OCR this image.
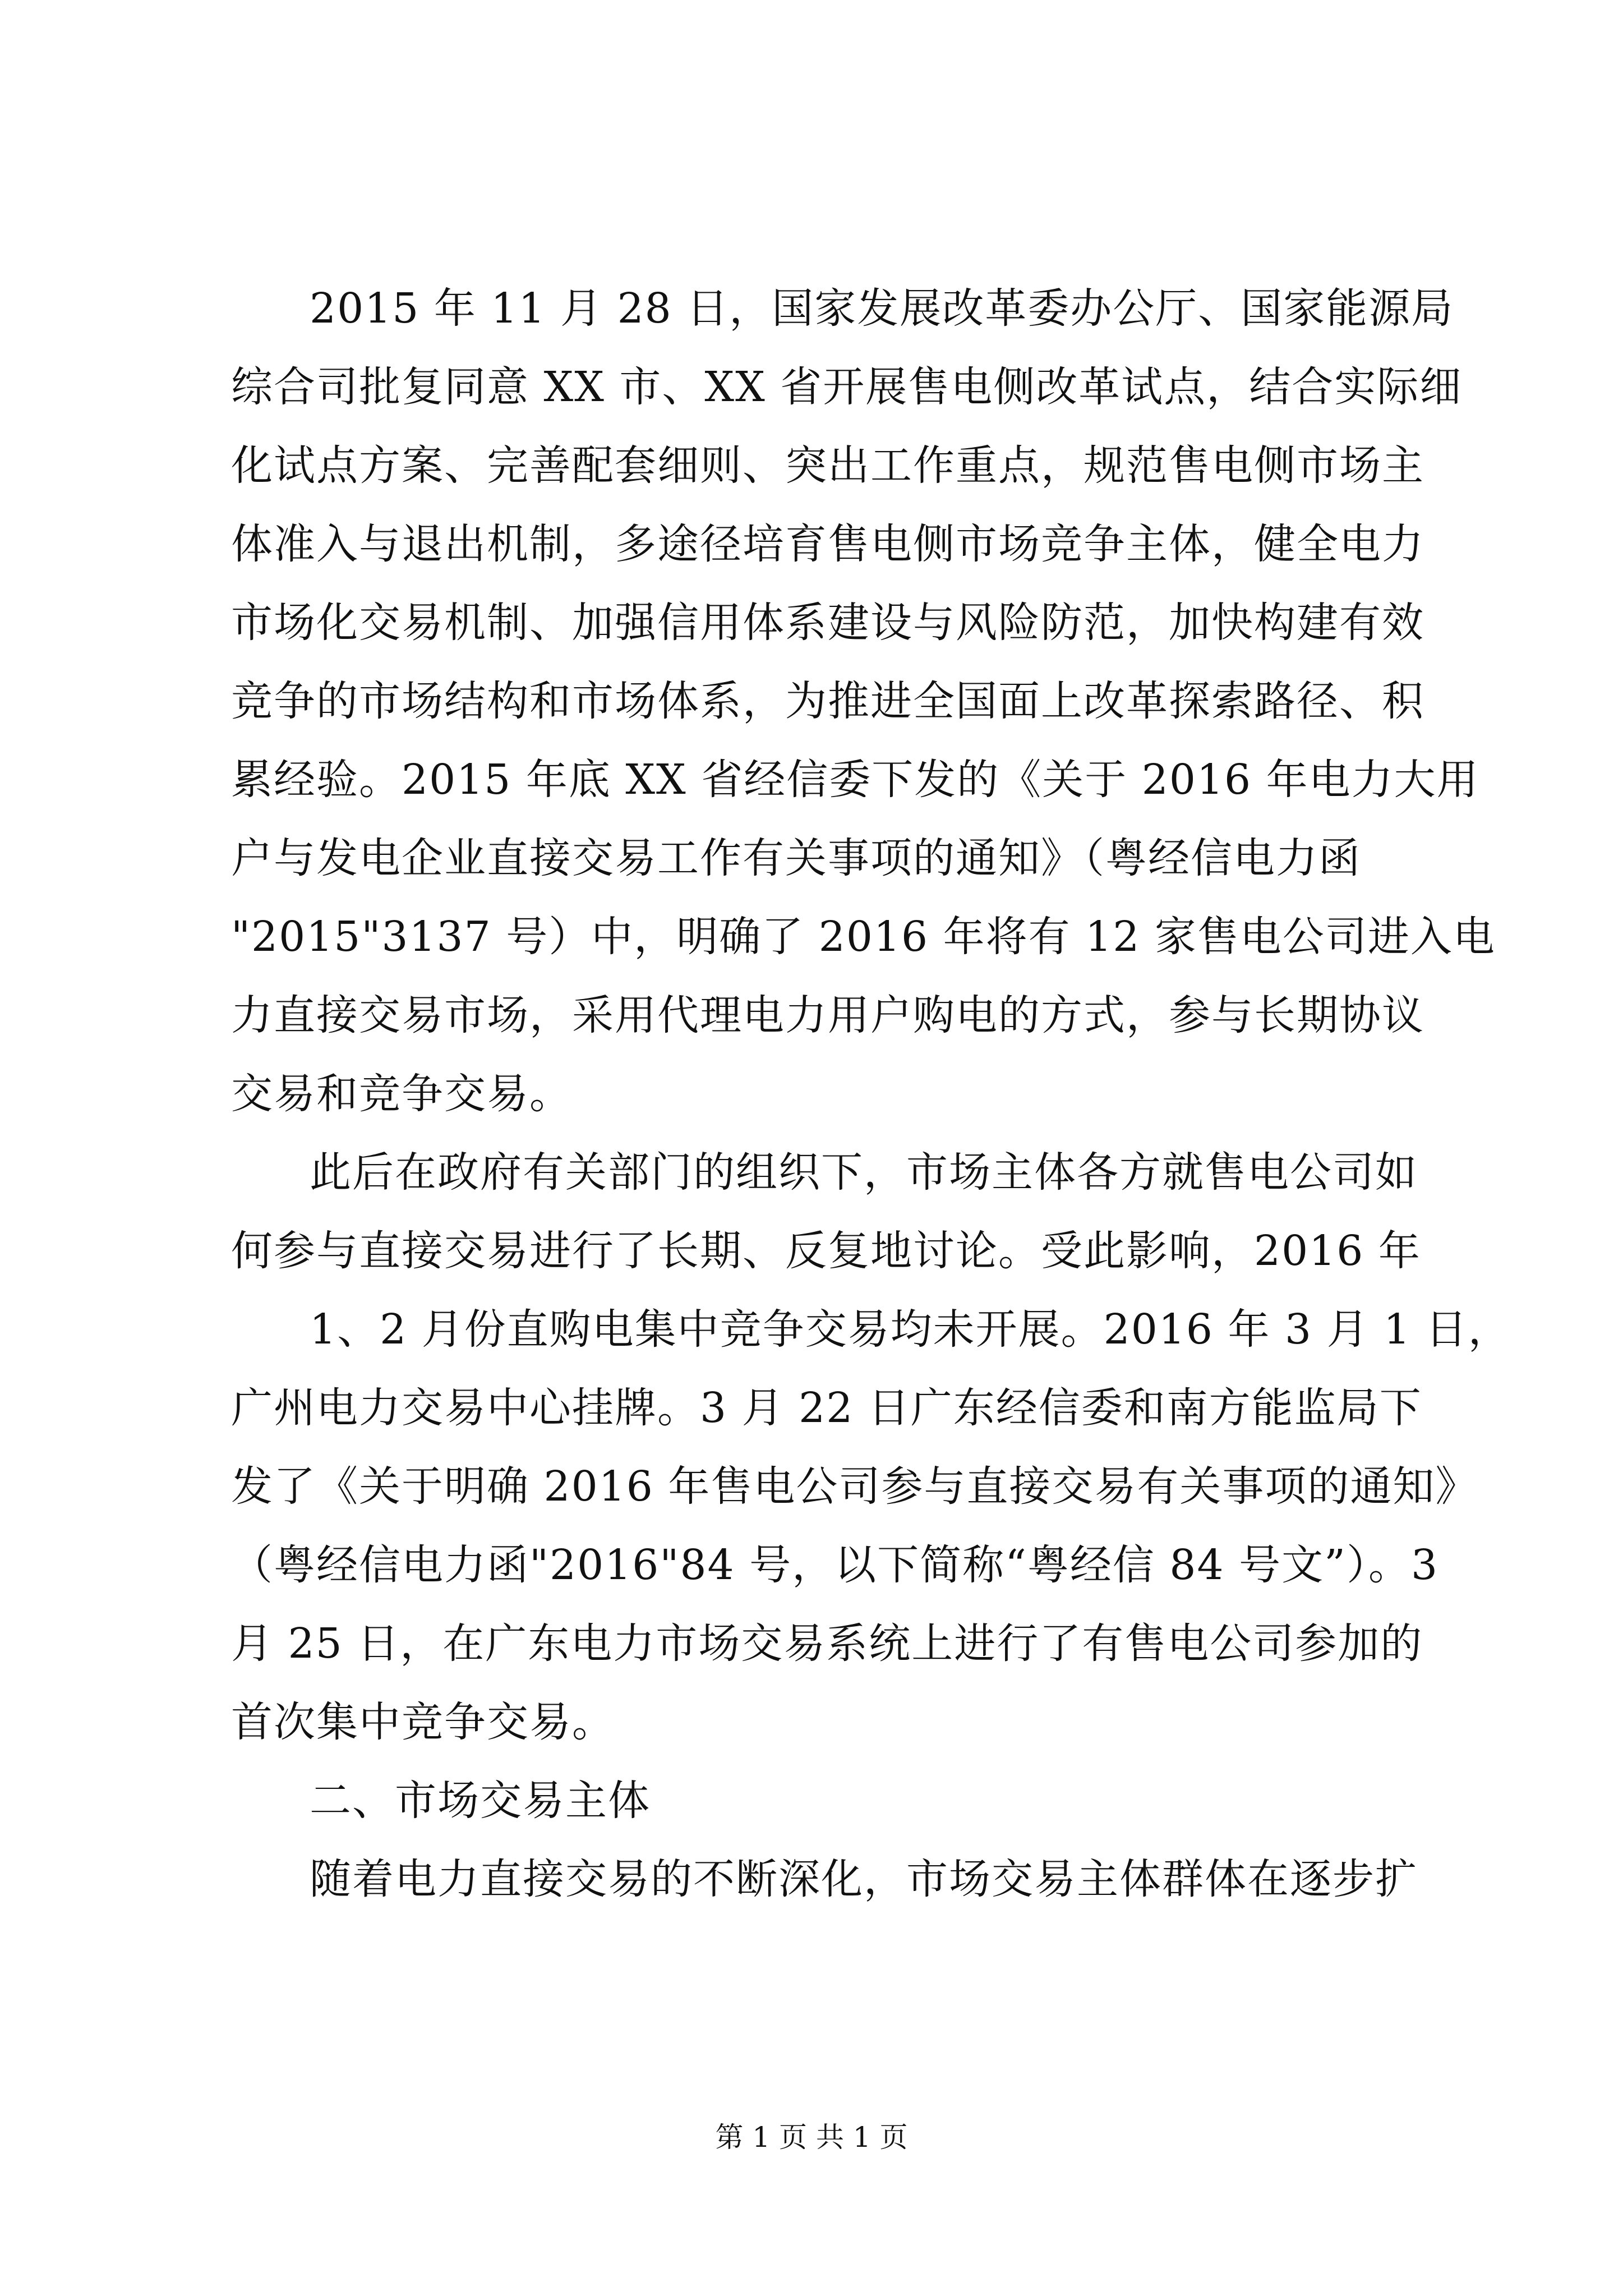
2015 年 11 月 28 日，国家发展改革委办公厅、国家能源局
综合司批复同意 XX 市、XX 省开展售电侧改革试点，结合实际细
化试点方案、完善配套细则、突出工作重点，规范售电侧市场主
体准入与退出机制，多途径培育售电侧市场竞争主体，健全电力
市场化交易机制、加强信用体系建设与风险防范，加快构建有效
竞争的市场结构和市场体系，为推进全国面上改革探索路径、积
累经验。2015 年底 XX 省经信委下发的《关于 2016 年电力大用
户与发电企业直接交易工作有关事项的通知》（粤经信电力函
"2015"3137 号）中，明确了 2016 年将有 12 家售电公司进入电
力直接交易市场，采用代理电力用户购电的方式，参与长期协议
交易和竞争交易。
此后在政府有关部门的组织下，市场主体各方就售电公司如
何参与直接交易进行了长期、反复地讨论。受此影响，2016 年
1、2 月份直购电集中竞争交易均未开展。2016 年 3 月 1 日，
广州电力交易中心挂牌。3 月 22 日广东经信委和南方能监局下
发了《关于明确 2016 年售电公司参与直接交易有关事项的通知》
（粤经信电力函"2016"84 号，以下简称“粤经信 84 号文”）。3
月 25 日，在广东电力市场交易系统上进行了有售电公司参加的
首次集中竞争交易。
二、市场交易主体
随着电力直接交易的不断深化，市场交易主体群体在逐步扩
第 1 页 共 1 页
